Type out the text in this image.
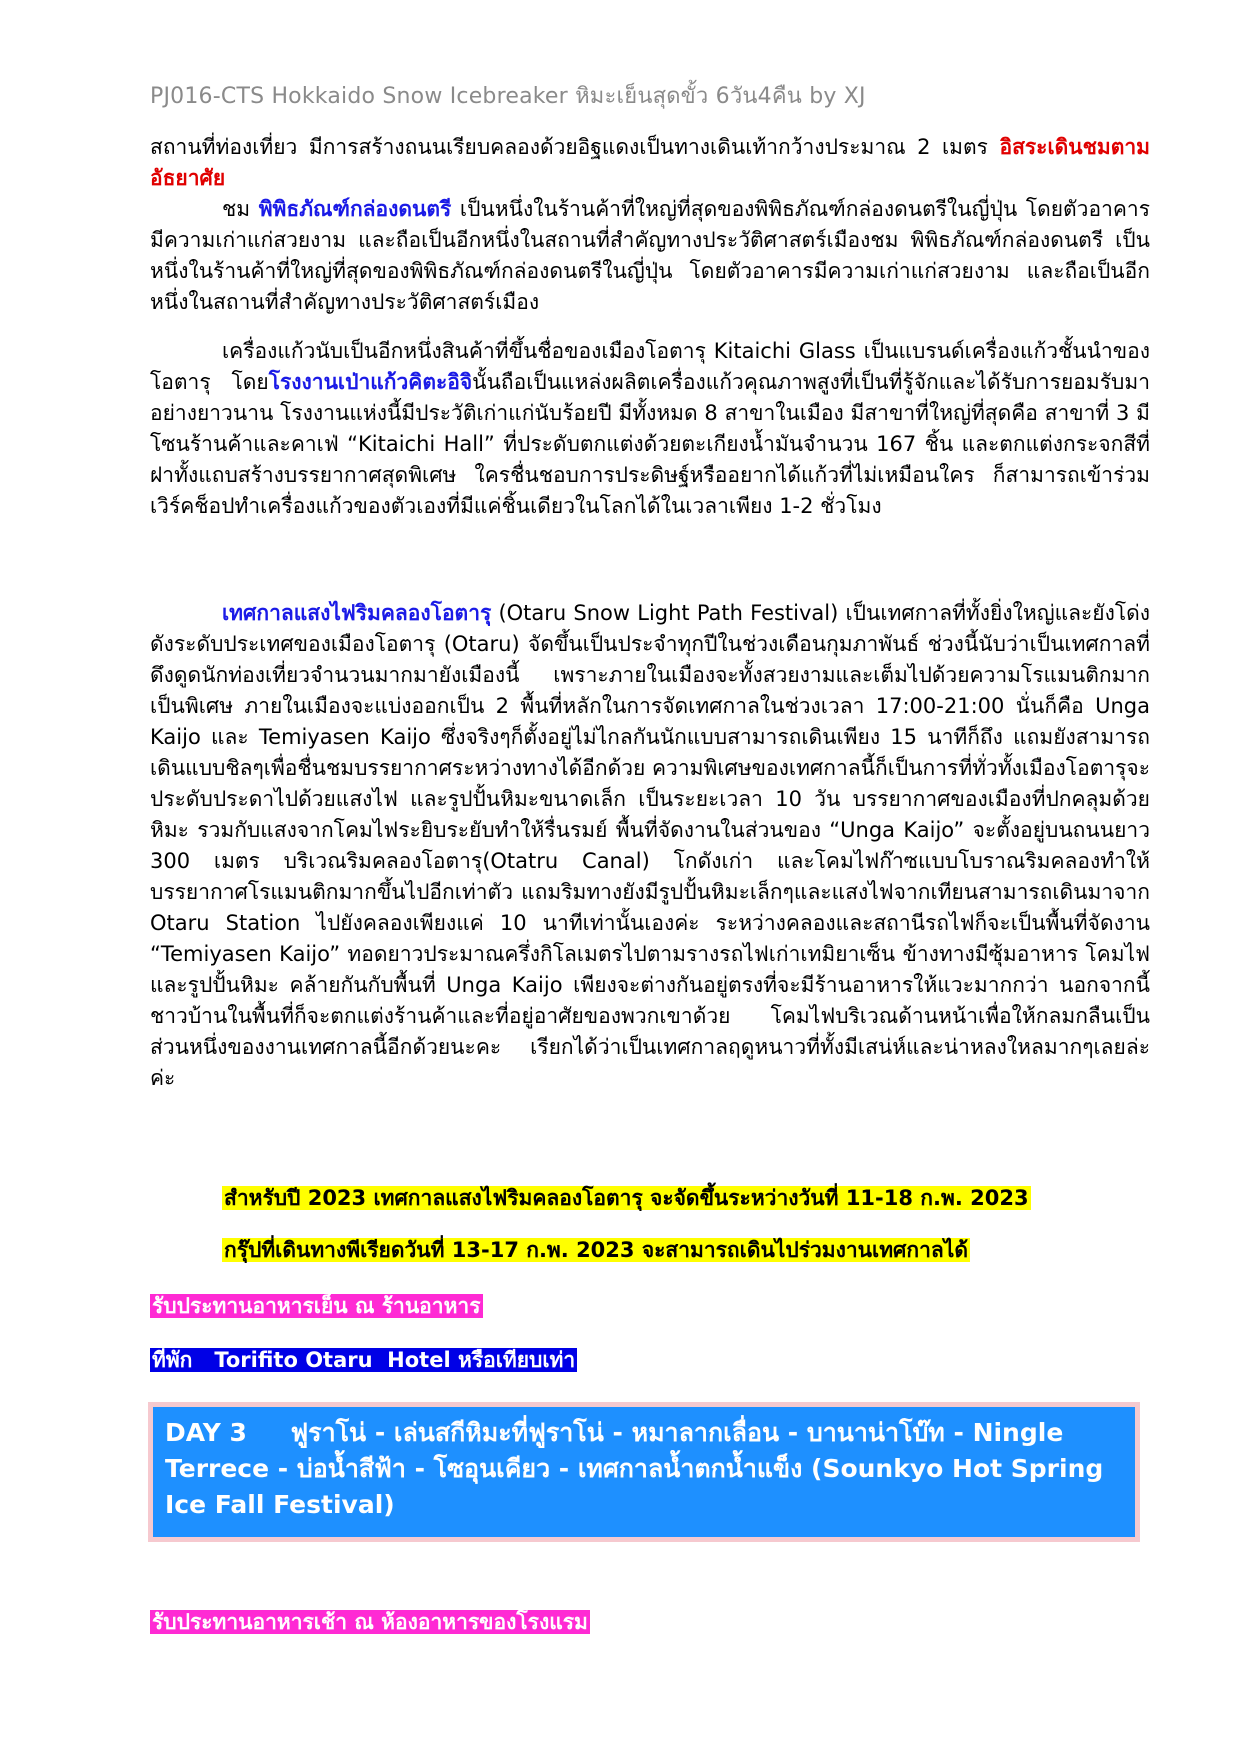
PJ016-CTS Hokkaido Snow Icebreaker หิมะเย็นสุดขั้ว 6วัน4คืน by XJ
สถานที่ท่องเที่ยว มีการสร้างถนนเรียบคลองด้วยอิฐแดงเป็นทางเดินเท้ากว้างประมาณ 2 เมตร อิสระเดินชมตามอัธยาศัย
ชม พิพิธภัณฑ์กล่องดนตรี เป็นหนึ่งในร้านค้าที่ใหญ่ที่สุดของพิพิธภัณฑ์กล่องดนตรีในญี่ปุ่น โดยตัวอาคารมีความเก่าแก่สวยงาม และถือเป็นอีกหนึ่งในสถานที่สำคัญทางประวัติศาสตร์เมืองชม พิพิธภัณฑ์กล่องดนตรี เป็นหนึ่งในร้านค้าที่ใหญ่ที่สุดของพิพิธภัณฑ์กล่องดนตรีในญี่ปุ่น โดยตัวอาคารมีความเก่าแก่สวยงาม และถือเป็นอีกหนึ่งในสถานที่สำคัญทางประวัติศาสตร์เมือง
เครื่องแก้วนับเป็นอีกหนึ่งสินค้าที่ขึ้นชื่อของเมืองโอตารุ Kitaichi Glass เป็นแบรนด์เครื่องแก้วชั้นนำของโอตารุ โดยโรงงานเป่าแก้วคิตะอิจินั้นถือเป็นแหล่งผลิตเครื่องแก้วคุณภาพสูงที่เป็นที่รู้จักและได้รับการยอมรับมาอย่างยาวนาน โรงงานแห่งนี้มีประวัติเก่าแก่นับร้อยปี มีทั้งหมด 8 สาขาในเมือง มีสาขาที่ใหญ่ที่สุดคือ สาขาที่ 3 มีโซนร้านค้าและคาเฟ่ “Kitaichi Hall” ที่ประดับตกแต่งด้วยตะเกียงน้ำมันจำนวน 167 ชิ้น และตกแต่งกระจกสีที่ฝาทั้งแถบสร้างบรรยากาศสุดพิเศษ ใครชื่นชอบการประดิษฐ์หรืออยากได้แก้วที่ไม่เหมือนใคร ก็สามารถเข้าร่วมเวิร์คช็อปทำเครื่องแก้วของตัวเองที่มีแค่ชิ้นเดียวในโลกได้ในเวลาเพียง 1-2 ชั่วโมง
เทศกาลแสงไฟริมคลองโอตารุ (Otaru Snow Light Path Festival) เป็นเทศกาลที่ทั้งยิ่งใหญ่และยังโด่งดังระดับประเทศของเมืองโอตารุ (Otaru) จัดขึ้นเป็นประจำทุกปีในช่วงเดือนกุมภาพันธ์ ช่วงนี้นับว่าเป็นเทศกาลที่ดึงดูดนักท่องเที่ยวจำนวนมากมายังเมืองนี้ เพราะภายในเมืองจะทั้งสวยงามและเต็มไปด้วยความโรแมนติกมากเป็นพิเศษ ภายในเมืองจะแบ่งออกเป็น 2 พื้นที่หลักในการจัดเทศกาลในช่วงเวลา 17:00-21:00 นั่นก็คือ Unga Kaijo และ Temiyasen Kaijo ซึ่งจริงๆก็ตั้งอยู่ไม่ไกลกันนักแบบสามารถเดินเพียง 15 นาทีก็ถึง แถมยังสามารถเดินแบบชิลๆเพื่อชื่นชมบรรยากาศระหว่างทางได้อีกด้วย ความพิเศษของเทศกาลนี้ก็เป็นการที่ทั่วทั้งเมืองโอตารุจะประดับประดาไปด้วยแสงไฟ และรูปปั้นหิมะขนาดเล็ก เป็นระยะเวลา 10 วัน บรรยากาศของเมืองที่ปกคลุมด้วยหิมะ รวมกับแสงจากโคมไฟระยิบระยับทำให้รื่นรมย์ พื้นที่จัดงานในส่วนของ “Unga Kaijo” จะตั้งอยู่บนถนนยาว 300 เมตร บริเวณริมคลองโอตารุ(Otatru Canal) โกดังเก่า และโคมไฟก๊าซแบบโบราณริมคลองทำให้บรรยากาศโรแมนติกมากขึ้นไปอีกเท่าตัว แถมริมทางยังมีรูปปั้นหิมะเล็กๆและแสงไฟจากเทียนสามารถเดินมาจาก Otaru Station ไปยังคลองเพียงแค่ 10 นาทีเท่านั้นเองค่ะ ระหว่างคลองและสถานีรถไฟก็จะเป็นพื้นที่จัดงาน “Temiyasen Kaijo” ทอดยาวประมาณครึ่งกิโลเมตรไปตามรางรถไฟเก่าเทมิยาเซ็น ข้างทางมีซุ้มอาหาร โคมไฟ และรูปปั้นหิมะ คล้ายกันกับพื้นที่ Unga Kaijo เพียงจะต่างกันอยู่ตรงที่จะมีร้านอาหารให้แวะมากกว่า นอกจากนี้ชาวบ้านในพื้นที่ก็จะตกแต่งร้านค้าและที่อยู่อาศัยของพวกเขาด้วย โคมไฟบริเวณด้านหน้าเพื่อให้กลมกลืนเป็นส่วนหนึ่งของงานเทศกาลนี้อีกด้วยนะคะ เรียกได้ว่าเป็นเทศกาลฤดูหนาวที่ทั้งมีเสน่ห์และน่าหลงใหลมากๆเลยล่ะค่ะ
สำหรับปี 2023 เทศกาลแสงไฟริมคลองโอตารุ จะจัดขึ้นระหว่างวันที่ 11-18 ก.พ. 2023
กรุ๊ปที่เดินทางพีเรียดวันที่ 13-17 ก.พ. 2023 จะสามารถเดินไปร่วมงานเทศกาลได้
รับประทานอาหารเย็น ณ ร้านอาหาร
ที่พัก   Torifito Otaru  Hotel หรือเทียบเท่า
DAY 3 ฟูราโน่ - เล่นสกีหิมะที่ฟูราโน่ - หมาลากเลื่อน - บานาน่าโบ๊ท - Ningle Terrece - บ่อน้ำสีฟ้า - โซอุนเคียว - เทศกาลน้ำตกน้ำแข็ง (Sounkyo Hot Spring Ice Fall Festival)
รับประทานอาหารเช้า ณ ห้องอาหารของโรงแรม
